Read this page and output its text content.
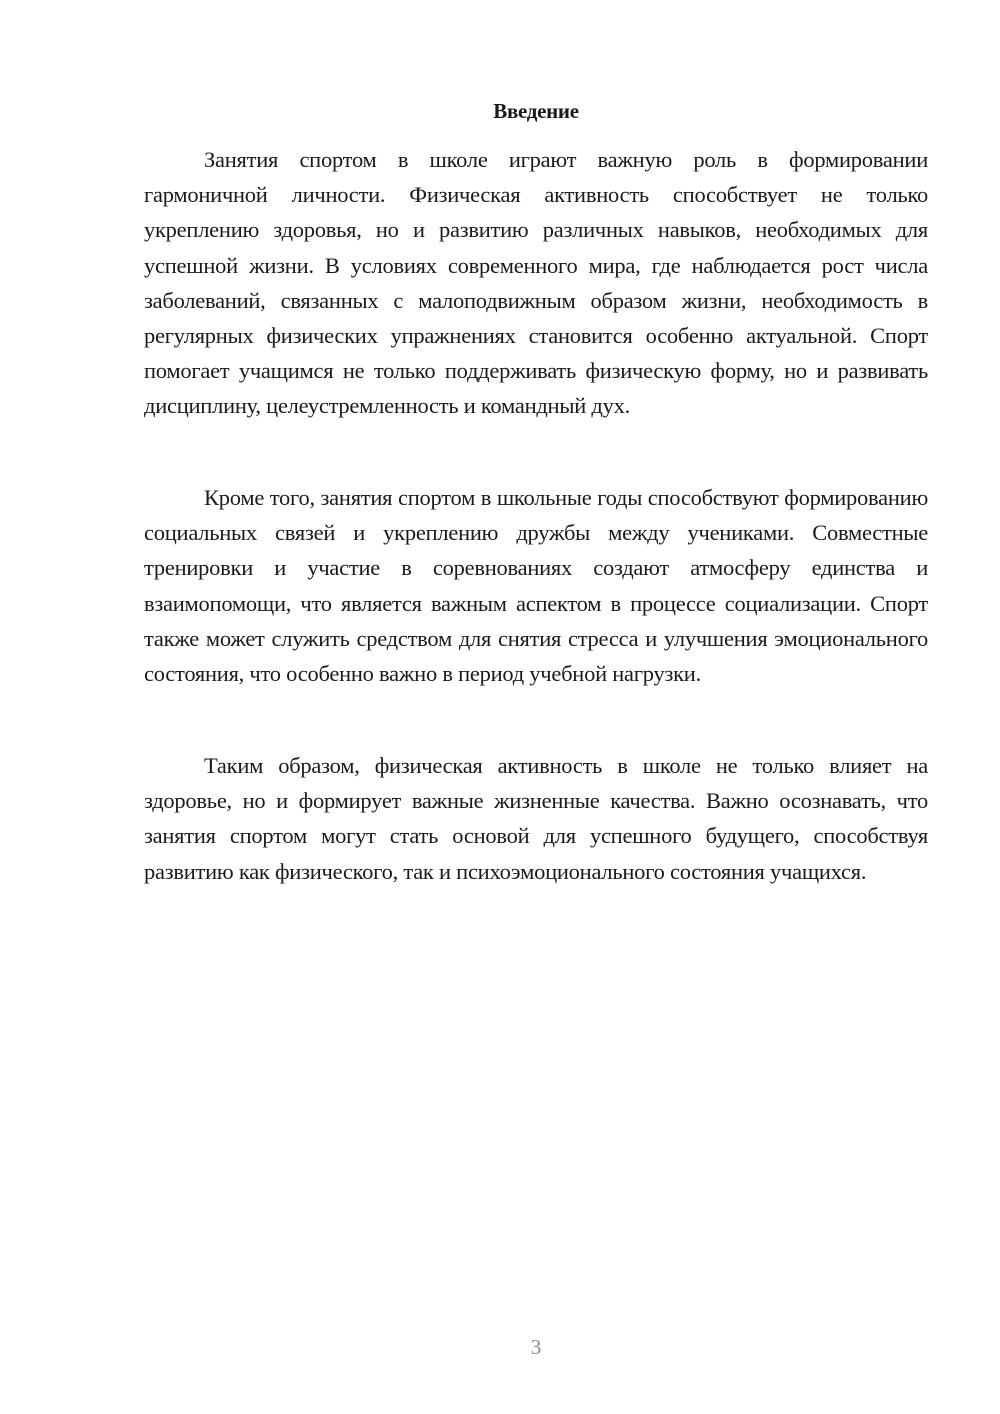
Введение

Занятия спортом в школе играют важную роль в формировании гармоничной личности. Физическая активность способствует не только укреплению здоровья, но и развитию различных навыков, необходимых для успешной жизни. В условиях современного мира, где наблюдается рост числа заболеваний, связанных с малоподвижным образом жизни, необходимость в регулярных физических упражнениях становится особенно актуальной. Спорт помогает учащимся не только поддерживать физическую форму, но и развивать дисциплину, целеустремленность и командный дух.

Кроме того, занятия спортом в школьные годы способствуют формированию социальных связей и укреплению дружбы между учениками. Совместные тренировки и участие в соревнованиях создают атмосферу единства и взаимопомощи, что является важным аспектом в процессе социализации. Спорт также может служить средством для снятия стресса и улучшения эмоционального состояния, что особенно важно в период учебной нагрузки.

Таким образом, физическая активность в школе не только влияет на здоровье, но и формирует важные жизненные качества. Важно осознавать, что занятия спортом могут стать основой для успешного будущего, способствуя развитию как физического, так и психоэмоционального состояния учащихся.

3
